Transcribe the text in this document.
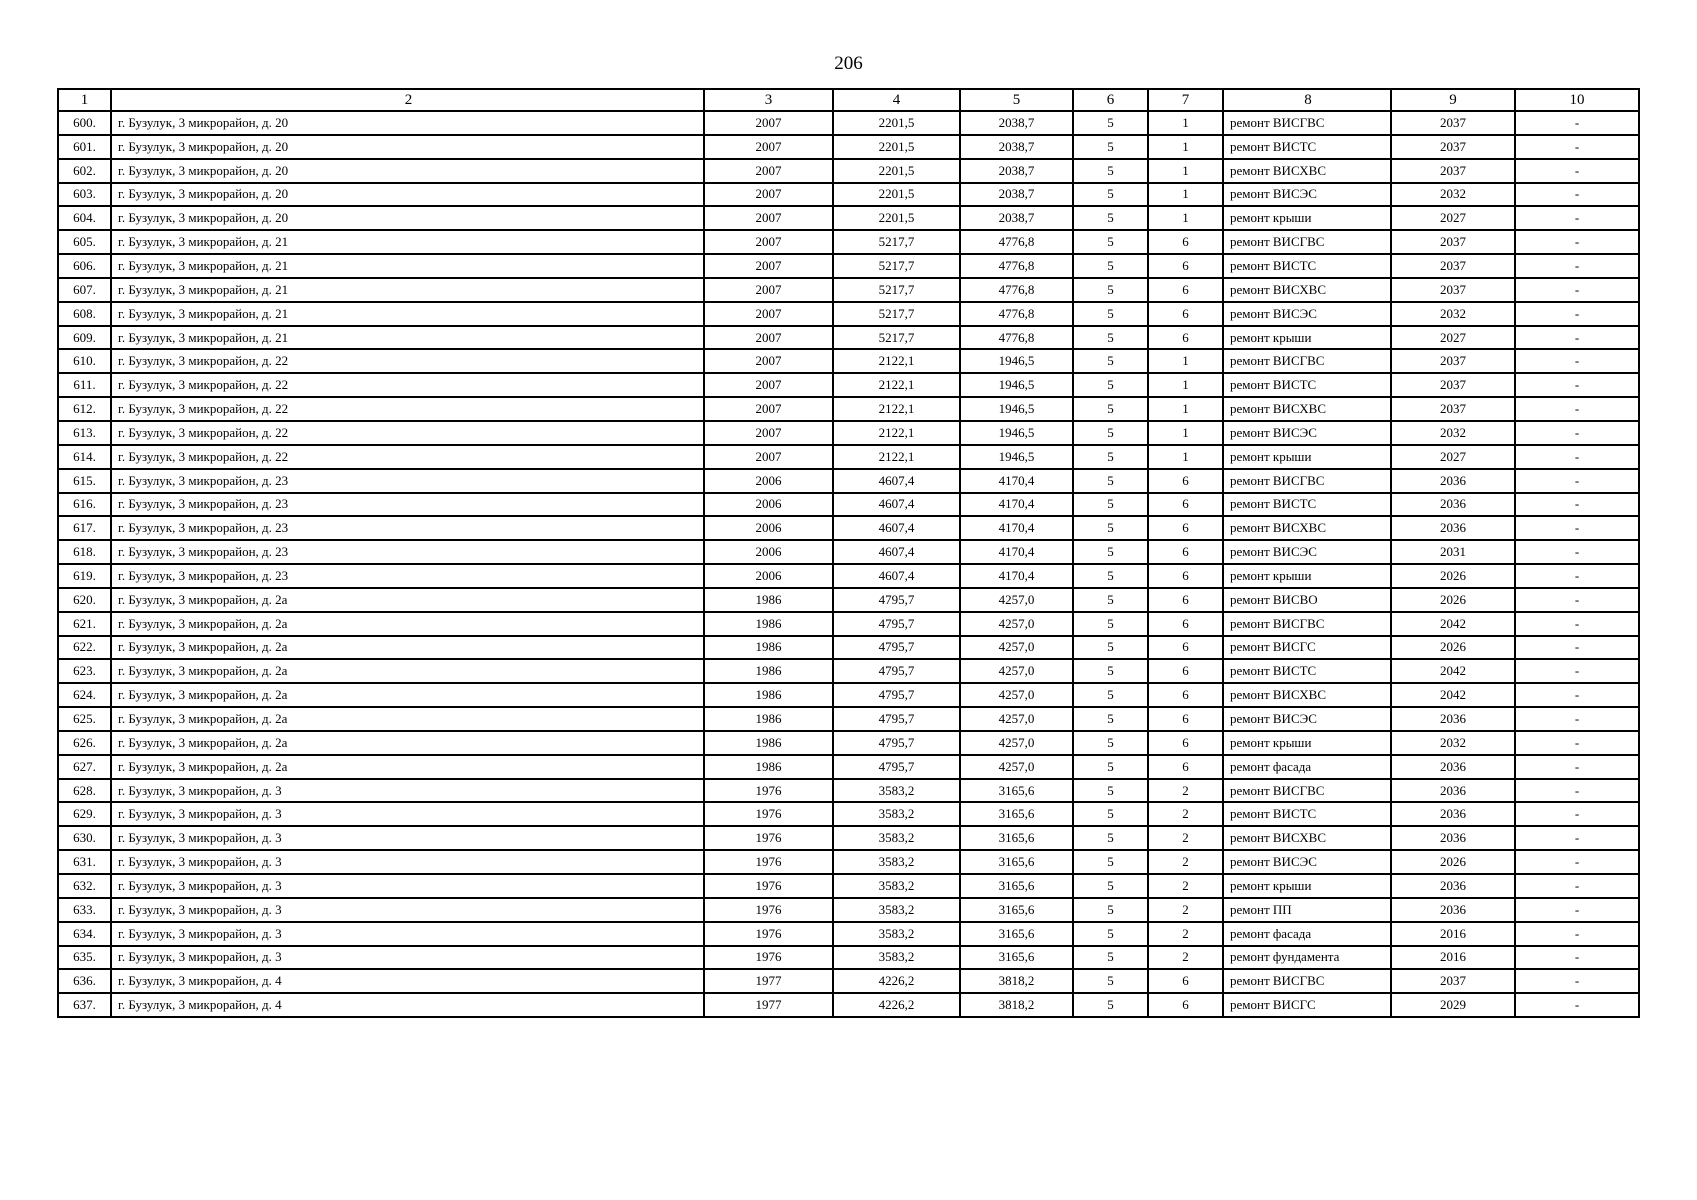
206
1	2	3	4	5	6	7	8	9	10
600.	г. Бузулук, 3 микрорайон, д. 20	2007	2201,5	2038,7	5	1	ремонт ВИСГВС	2037	-
601.	г. Бузулук, 3 микрорайон, д. 20	2007	2201,5	2038,7	5	1	ремонт ВИСТС	2037	-
602.	г. Бузулук, 3 микрорайон, д. 20	2007	2201,5	2038,7	5	1	ремонт ВИСХВС	2037	-
603.	г. Бузулук, 3 микрорайон, д. 20	2007	2201,5	2038,7	5	1	ремонт ВИСЭС	2032	-
604.	г. Бузулук, 3 микрорайон, д. 20	2007	2201,5	2038,7	5	1	ремонт крыши	2027	-
605.	г. Бузулук, 3 микрорайон, д. 21	2007	5217,7	4776,8	5	6	ремонт ВИСГВС	2037	-
606.	г. Бузулук, 3 микрорайон, д. 21	2007	5217,7	4776,8	5	6	ремонт ВИСТС	2037	-
607.	г. Бузулук, 3 микрорайон, д. 21	2007	5217,7	4776,8	5	6	ремонт ВИСХВС	2037	-
608.	г. Бузулук, 3 микрорайон, д. 21	2007	5217,7	4776,8	5	6	ремонт ВИСЭС	2032	-
609.	г. Бузулук, 3 микрорайон, д. 21	2007	5217,7	4776,8	5	6	ремонт крыши	2027	-
610.	г. Бузулук, 3 микрорайон, д. 22	2007	2122,1	1946,5	5	1	ремонт ВИСГВС	2037	-
611.	г. Бузулук, 3 микрорайон, д. 22	2007	2122,1	1946,5	5	1	ремонт ВИСТС	2037	-
612.	г. Бузулук, 3 микрорайон, д. 22	2007	2122,1	1946,5	5	1	ремонт ВИСХВС	2037	-
613.	г. Бузулук, 3 микрорайон, д. 22	2007	2122,1	1946,5	5	1	ремонт ВИСЭС	2032	-
614.	г. Бузулук, 3 микрорайон, д. 22	2007	2122,1	1946,5	5	1	ремонт крыши	2027	-
615.	г. Бузулук, 3 микрорайон, д. 23	2006	4607,4	4170,4	5	6	ремонт ВИСГВС	2036	-
616.	г. Бузулук, 3 микрорайон, д. 23	2006	4607,4	4170,4	5	6	ремонт ВИСТС	2036	-
617.	г. Бузулук, 3 микрорайон, д. 23	2006	4607,4	4170,4	5	6	ремонт ВИСХВС	2036	-
618.	г. Бузулук, 3 микрорайон, д. 23	2006	4607,4	4170,4	5	6	ремонт ВИСЭС	2031	-
619.	г. Бузулук, 3 микрорайон, д. 23	2006	4607,4	4170,4	5	6	ремонт крыши	2026	-
620.	г. Бузулук, 3 микрорайон, д. 2а	1986	4795,7	4257,0	5	6	ремонт ВИСВО	2026	-
621.	г. Бузулук, 3 микрорайон, д. 2а	1986	4795,7	4257,0	5	6	ремонт ВИСГВС	2042	-
622.	г. Бузулук, 3 микрорайон, д. 2а	1986	4795,7	4257,0	5	6	ремонт ВИСГС	2026	-
623.	г. Бузулук, 3 микрорайон, д. 2а	1986	4795,7	4257,0	5	6	ремонт ВИСТС	2042	-
624.	г. Бузулук, 3 микрорайон, д. 2а	1986	4795,7	4257,0	5	6	ремонт ВИСХВС	2042	-
625.	г. Бузулук, 3 микрорайон, д. 2а	1986	4795,7	4257,0	5	6	ремонт ВИСЭС	2036	-
626.	г. Бузулук, 3 микрорайон, д. 2а	1986	4795,7	4257,0	5	6	ремонт крыши	2032	-
627.	г. Бузулук, 3 микрорайон, д. 2а	1986	4795,7	4257,0	5	6	ремонт фасада	2036	-
628.	г. Бузулук, 3 микрорайон, д. 3	1976	3583,2	3165,6	5	2	ремонт ВИСГВС	2036	-
629.	г. Бузулук, 3 микрорайон, д. 3	1976	3583,2	3165,6	5	2	ремонт ВИСТС	2036	-
630.	г. Бузулук, 3 микрорайон, д. 3	1976	3583,2	3165,6	5	2	ремонт ВИСХВС	2036	-
631.	г. Бузулук, 3 микрорайон, д. 3	1976	3583,2	3165,6	5	2	ремонт ВИСЭС	2026	-
632.	г. Бузулук, 3 микрорайон, д. 3	1976	3583,2	3165,6	5	2	ремонт крыши	2036	-
633.	г. Бузулук, 3 микрорайон, д. 3	1976	3583,2	3165,6	5	2	ремонт ПП	2036	-
634.	г. Бузулук, 3 микрорайон, д. 3	1976	3583,2	3165,6	5	2	ремонт фасада	2016	-
635.	г. Бузулук, 3 микрорайон, д. 3	1976	3583,2	3165,6	5	2	ремонт фундамента	2016	-
636.	г. Бузулук, 3 микрорайон, д. 4	1977	4226,2	3818,2	5	6	ремонт ВИСГВС	2037	-
637.	г. Бузулук, 3 микрорайон, д. 4	1977	4226,2	3818,2	5	6	ремонт ВИСГС	2029	-
